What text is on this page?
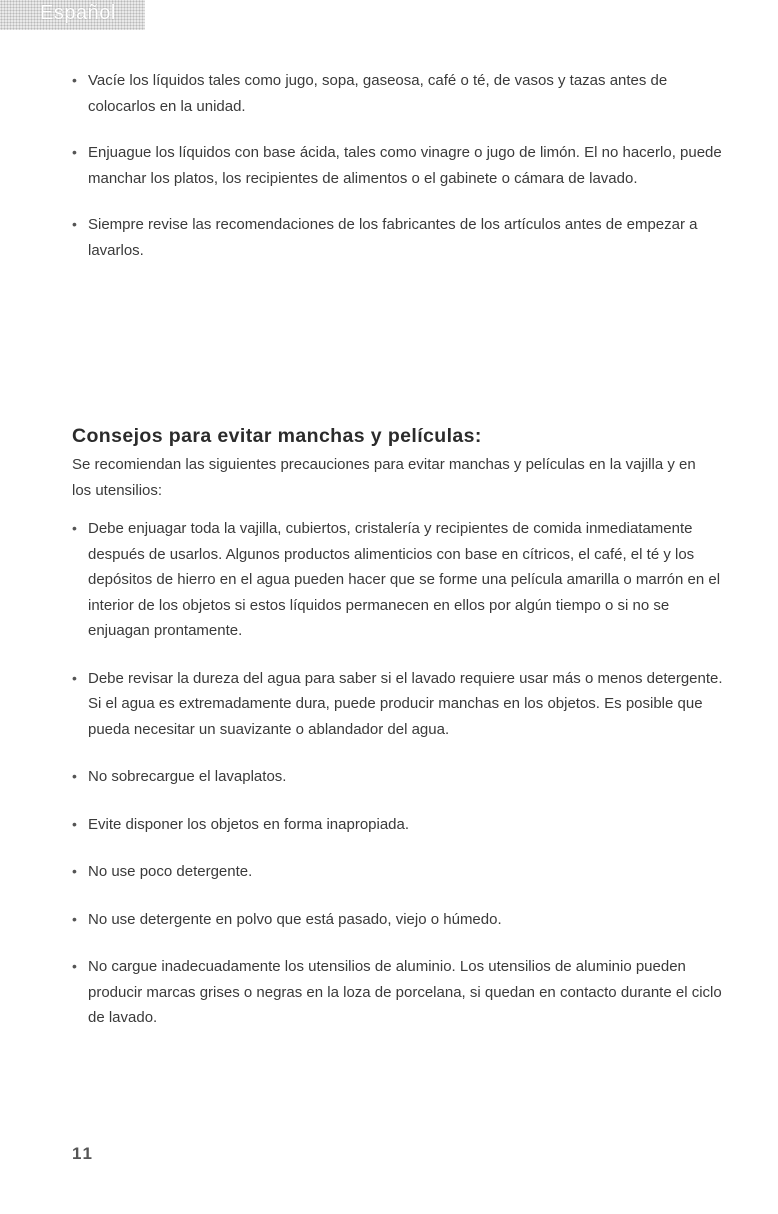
Español
• Vacíe los líquidos tales como jugo, sopa, gaseosa, café o té, de vasos y tazas antes de colocarlos en la unidad.
• Enjuague los líquidos con base ácida, tales como vinagre o jugo de limón. El no hacerlo, puede manchar los platos, los recipientes de alimentos o el gabinete o cámara de lavado.
• Siempre revise las recomendaciones de los fabricantes de los artículos antes de empezar a lavarlos.
Consejos para evitar manchas y películas:

Se recomiendan las siguientes precauciones para evitar manchas y películas en la vajilla y en los utensilios:

• Debe enjuagar toda la vajilla, cubiertos, cristalería y recipientes de comida inmediatamente después de usarlos. Algunos productos alimenticios con base en cítricos, el café, el té y los depósitos de hierro en el agua pueden hacer que se forme una película amarilla o marrón en el interior de los objetos si estos líquidos permanecen en ellos por algún tiempo o si no se enjuagan prontamente.
• Debe revisar la dureza del agua para saber si el lavado requiere usar más o menos detergente. Si el agua es extremadamente dura, puede producir manchas en los objetos. Es posible que pueda necesitar un suavizante o ablandador del agua.
• No sobrecargue el lavaplatos.
• Evite disponer los objetos en forma inapropiada.
• No use poco detergente.
• No use detergente en polvo que está pasado, viejo o húmedo.
• No cargue inadecuadamente los utensilios de aluminio. Los utensilios de aluminio pueden producir marcas grises o negras en la loza de porcelana, si quedan en contacto durante el ciclo de lavado.
11
